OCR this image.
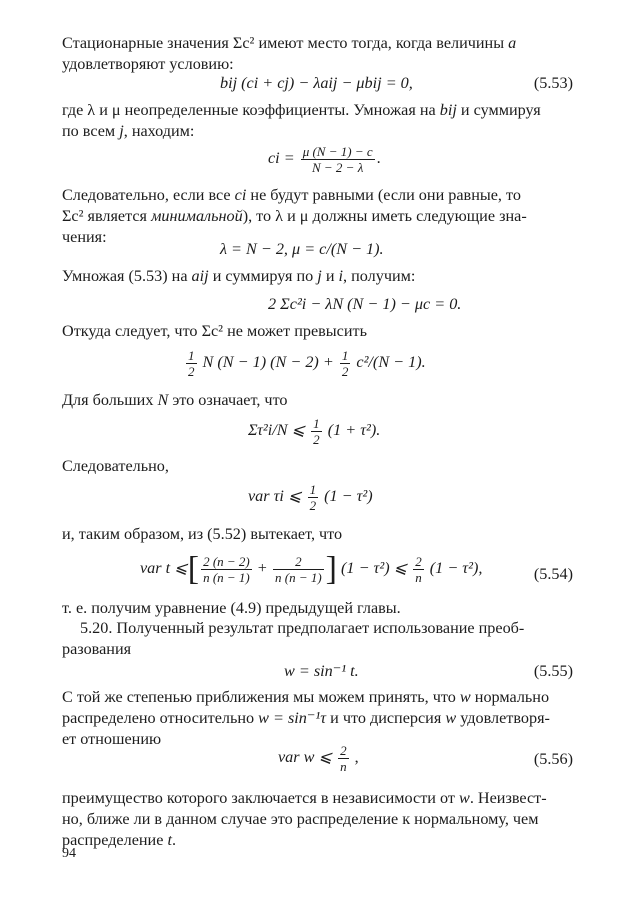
Стационарные значения Σc² имеют место тогда, когда величины a
удовлетворяют условию:
bij (ci + cj) − λaij − μbij = 0,	(5.53)
где λ и μ неопределенные коэффициенты. Умножая на bij и суммируя
по всем j, находим:
ci = $\frac{\mu (N - 1) - c}{N - 2 - \lambda}$ .
Следовательно, если все ci не будут равными (если они равные, то
Σc² является минимальной), то λ и μ должны иметь следующие зна-
чения:
λ = N − 2, μ = c/(N − 1).
Умножая (5.53) на aij и суммируя по j и i, получим:
2 Σc²i − λN (N − 1) − μc = 0.
Откуда следует, что Σc² не может превысить
$\frac{1}{2}$ N (N − 1) $(N - 2) + \frac{1}{2} c^2/(N - 1)$.
Для больших N это означает, что
Στ²i/N ⩽ $\frac{1}{2} (1 + \tau^2)$.
Следовательно,
var τi ⩽ $\frac{1}{2} (1 - \tau^2)$
и, таким образом, из (5.52) вытекает, что
var t ⩽[ $\frac{2 (n - 2)}{n (n - 1)} + \frac{2}{n (n - 1)}$ ] (1 − τ²) ⩽ $\frac{2}{n} (1 - \tau^2)$,	(5.54)
т. е. получим уравнение (4.9) предыдущей главы.
5.20. Полученный результат предполагает использование преоб-
разования
w = sin⁻¹ t.	(5.55)
С той же степенью приближения мы можем принять, что w нормально
распределено относительно w = sin⁻¹τ и что дисперсия w удовлетворя-
ет отношению
var w ⩽ $\frac{2}{n}$ ,	(5.56)
преимущество которого заключается в независимости от w. Неизвест-
но, ближе ли в данном случае это распределение к нормальному, чем
распределение t.
94
